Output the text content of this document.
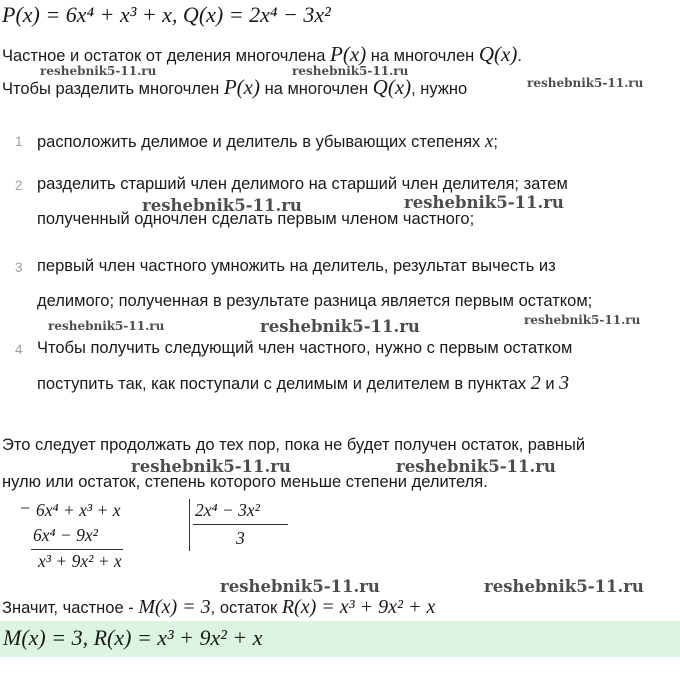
P(x) = 6x⁴ + x³ + x, Q(x) = 2x⁴ − 3x²
Частное и остаток от деления многочлена P(x) на многочлен Q(x).
Чтобы разделить многочлен P(x) на многочлен Q(x), нужно
1 расположить делимое и делитель в убывающих степенях x;
2 разделить старший член делимого на старший член делителя; затем
полученный одночлен сделать первым членом частного;
3 первый член частного умножить на делитель, результат вычесть из
делимого; полученная в результате разница является первым остатком;
4 Чтобы получить следующий член частного, нужно с первым остатком
поступить так, как поступали с делимым и делителем в пунктах 2 и 3
Это следует продолжать до тех пор, пока не будет получен остаток, равный
нулю или остаток, степень которого меньше степени делителя.
− 6x⁴ + x³ + x
6x⁴ − 9x²
x³ + 9x² + x
2x⁴ − 3x²
3
Значит, частное - M(x) = 3, остаток R(x) = x³ + 9x² + x
M(x) = 3, R(x) = x³ + 9x² + x
reshebnik5-11.ru	reshebnik5-11.ru
reshebnik5-11.ru
reshebnik5-11.ru	reshebnik5-11.ru
reshebnik5-11.ru	reshebnik5-11.ru	reshebnik5-11.ru
reshebnik5-11.ru	reshebnik5-11.ru
reshebnik5-11.ru	reshebnik5-11.ru
